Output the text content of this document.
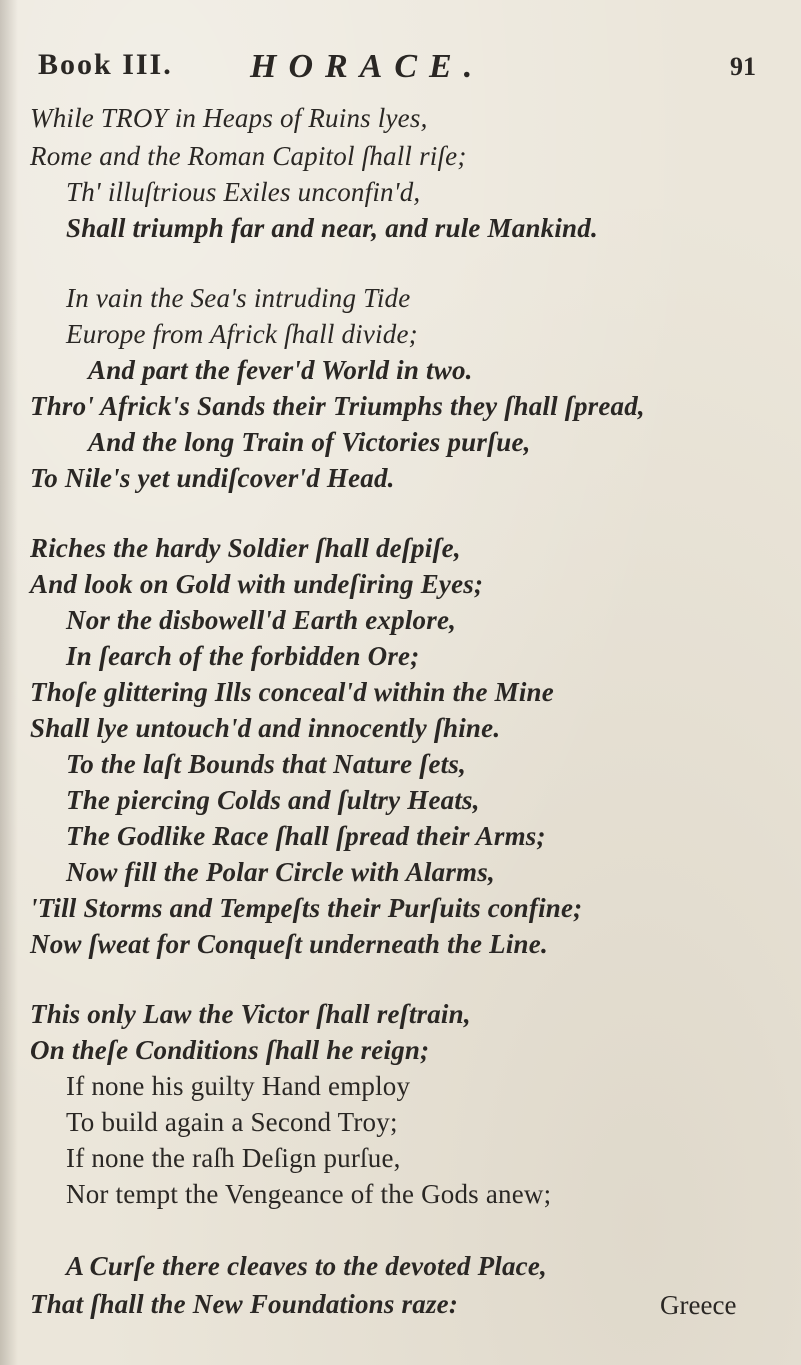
Book III. HORACE.	91
While TROY in Heaps of Ruins lyes,
Rome and the Roman Capitol ſhall riſe;
Th' illuſtrious Exiles unconfin'd,
Shall triumph far and near, and rule Mankind.
In vain the Sea's intruding Tide
Europe from Africk ſhall divide;
And part the fever'd World in two.
Thro' Africk's Sands their Triumphs they ſhall ſpread,
And the long Train of Victories purſue,
To Nile's yet undiſcover'd Head.
Riches the hardy Soldier ſhall deſpiſe,
And look on Gold with undeſiring Eyes;
Nor the disbowell'd Earth explore,
In ſearch of the forbidden Ore;
Thoſe glittering Ills conceal'd within the Mine
Shall lye untouch'd and innocently ſhine.
To the laſt Bounds that Nature ſets,
The piercing Colds and ſultry Heats,
The Godlike Race ſhall ſpread their Arms;
Now fill the Polar Circle with Alarms,
'Till Storms and Tempeſts their Purſuits confine;
Now ſweat for Conqueſt underneath the Line.
This only Law the Victor ſhall reſtrain,
On theſe Conditions ſhall he reign;
If none his guilty Hand employ
To build again a Second Troy;
If none the raſh Deſign purſue,
Nor tempt the Vengeance of the Gods anew;
A Curſe there cleaves to the devoted Place,
That ſhall the New Foundations raze:	Greece
